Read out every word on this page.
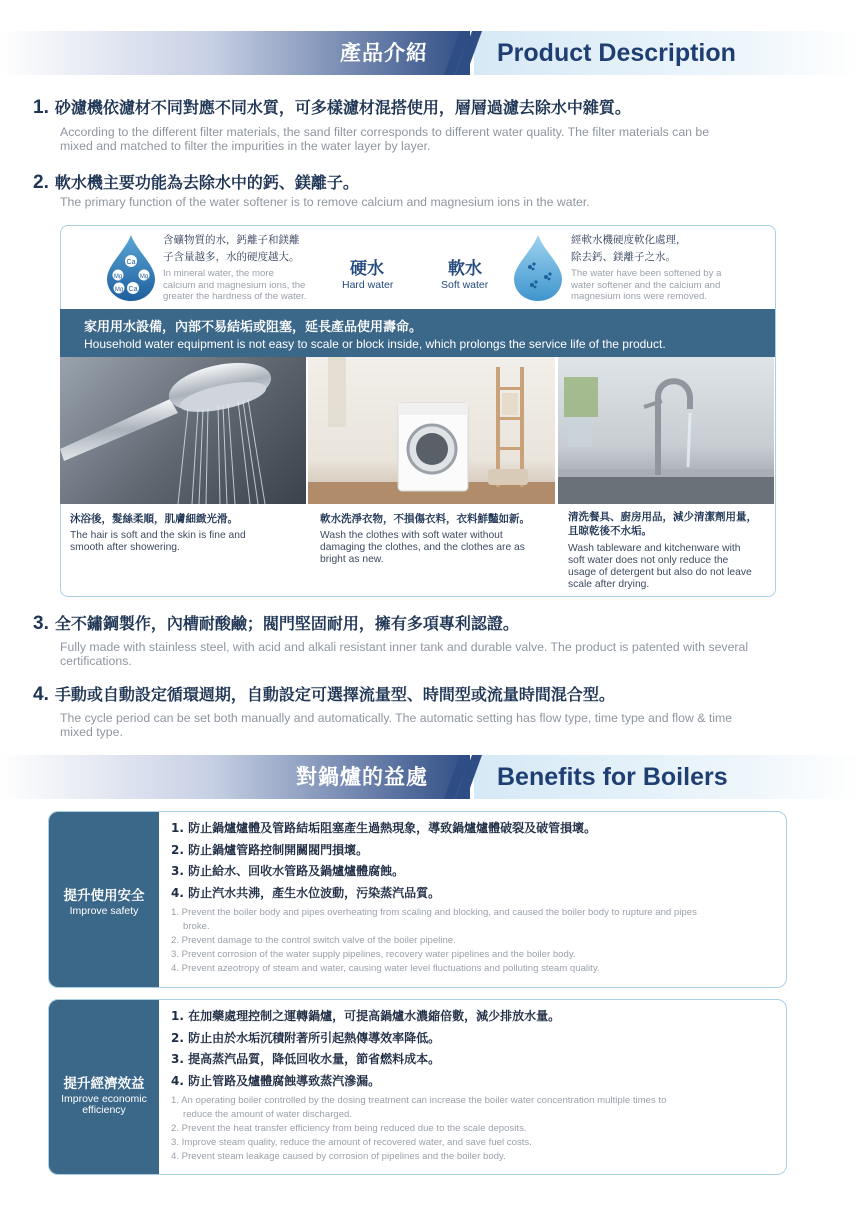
產品介紹	Product Description
1. 砂濾機依濾材不同對應不同水質，可多樣濾材混搭使用，層層過濾去除水中雜質。
According to the different filter materials, the sand filter corresponds to different water quality. The filter materials can be mixed and matched to filter the impurities in the water layer by layer.
2. 軟水機主要功能為去除水中的鈣、鎂離子。
The primary function of the water softener is to remove calcium and magnesium ions in the water.
Ca
Mg	Mg
Mg Ca
含礦物質的水，鈣離子和鎂離
子含量越多，水的硬度越大。
In mineral water, the more
calcium and magnesium ions, the
greater the hardness of the water.
硬水
Hard water
軟水
Soft water
經軟水機硬度軟化處理，
除去鈣、鎂離子之水。
The water have been softened by a
water softener and the calcium and
magnesium ions were removed.
家用用水設備，內部不易結垢或阻塞，延長產品使用壽命。
Household water equipment is not easy to scale or block inside, which prolongs the service life of the product.
沐浴後，髮絲柔順，肌膚細緻光滑。
The hair is soft and the skin is fine and
smooth after showering.
軟水洗淨衣物，不損傷衣料，衣料鮮豔如新。
Wash the clothes with soft water without
damaging the clothes, and the clothes are as
bright as new.
清洗餐具、廚房用品，減少清潔劑用量，
且晾乾後不水垢。
Wash tableware and kitchenware with
soft water does not only reduce the
usage of detergent but also do not leave
scale after drying.
3. 全不鏽鋼製作，內槽耐酸鹼；閥門堅固耐用，擁有多項專利認證。
Fully made with stainless steel, with acid and alkali resistant inner tank and durable valve. The product is patented with several certifications.
4. 手動或自動設定循環週期，自動設定可選擇流量型、時間型或流量時間混合型。
The cycle period can be set both manually and automatically. The automatic setting has flow type, time type and flow & time mixed type.
對鍋爐的益處	Benefits for Boilers
提升使用安全
Improve safety
1. 防止鍋爐爐體及管路結垢阻塞產生過熱現象，導致鍋爐爐體破裂及破管損壞。
2. 防止鍋爐管路控制開關閥門損壞。
3. 防止給水、回收水管路及鍋爐爐體腐蝕。
4. 防止汽水共沸，產生水位波動，污染蒸汽品質。
1. Prevent the boiler body and pipes overheating from scaling and blocking, and caused the boiler body to rupture and pipes
broke.
2. Prevent damage to the control switch valve of the boiler pipeline.
3. Prevent corrosion of the water supply pipelines, recovery water pipelines and the boiler body.
4. Prevent azeotropy of steam and water, causing water level fluctuations and polluting steam quality.
提升經濟效益
Improve economic
efficiency
1. 在加藥處理控制之運轉鍋爐，可提高鍋爐水濃縮倍數，減少排放水量。
2. 防止由於水垢沉積附著所引起熱傳導效率降低。
3. 提高蒸汽品質，降低回收水量，節省燃料成本。
4. 防止管路及爐體腐蝕導致蒸汽滲漏。
1. An operating boiler controlled by the dosing treatment can increase the boiler water concentration multiple times to
reduce the amount of water discharged.
2. Prevent the heat transfer efficiency from being reduced due to the scale deposits.
3. Improve steam quality, reduce the amount of recovered water, and save fuel costs.
4. Prevent steam leakage caused by corrosion of pipelines and the boiler body.
